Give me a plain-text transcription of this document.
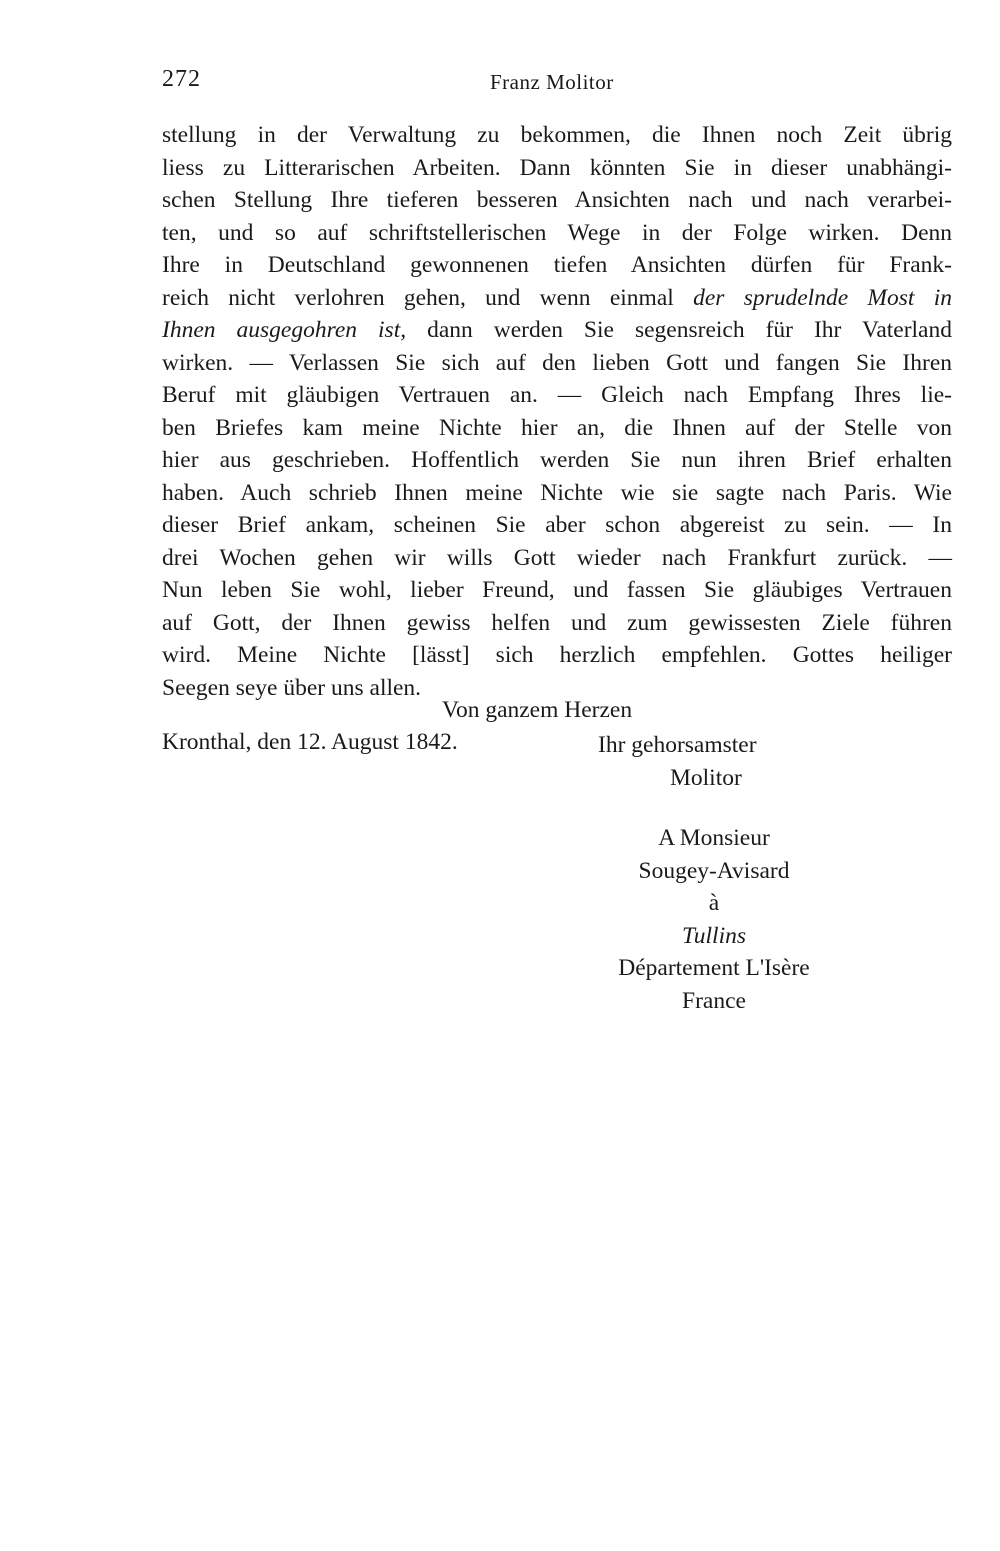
272	Franz Molitor
stellung in der Verwaltung zu bekommen, die Ihnen noch Zeit übrig
liess zu Litterarischen Arbeiten. Dann könnten Sie in dieser unabhängi-
schen Stellung Ihre tieferen besseren Ansichten nach und nach verarbei-
ten, und so auf schriftstellerischen Wege in der Folge wirken. Denn
Ihre in Deutschland gewonnenen tiefen Ansichten dürfen für Frank-
reich nicht verlohren gehen, und wenn einmal der sprudelnde Most in
Ihnen ausgegohren ist, dann werden Sie segensreich für Ihr Vaterland
wirken. — Verlassen Sie sich auf den lieben Gott und fangen Sie Ihren
Beruf mit gläubigen Vertrauen an. — Gleich nach Empfang Ihres lie-
ben Briefes kam meine Nichte hier an, die Ihnen auf der Stelle von
hier aus geschrieben. Hoffentlich werden Sie nun ihren Brief erhalten
haben. Auch schrieb Ihnen meine Nichte wie sie sagte nach Paris. Wie
dieser Brief ankam, scheinen Sie aber schon abgereist zu sein. — In
drei Wochen gehen wir wills Gott wieder nach Frankfurt zurück. —
Nun leben Sie wohl, lieber Freund, und fassen Sie gläubiges Vertrauen
auf Gott, der Ihnen gewiss helfen und zum gewissesten Ziele führen
wird. Meine Nichte [lässt] sich herzlich empfehlen. Gottes heiliger
Seegen seye über uns allen.
Von ganzem Herzen
Kronthal, den 12. August 1842.	Ihr gehorsamster
Molitor
A Monsieur
Sougey-Avisard
à
Tullins
Département L'Isère
France
